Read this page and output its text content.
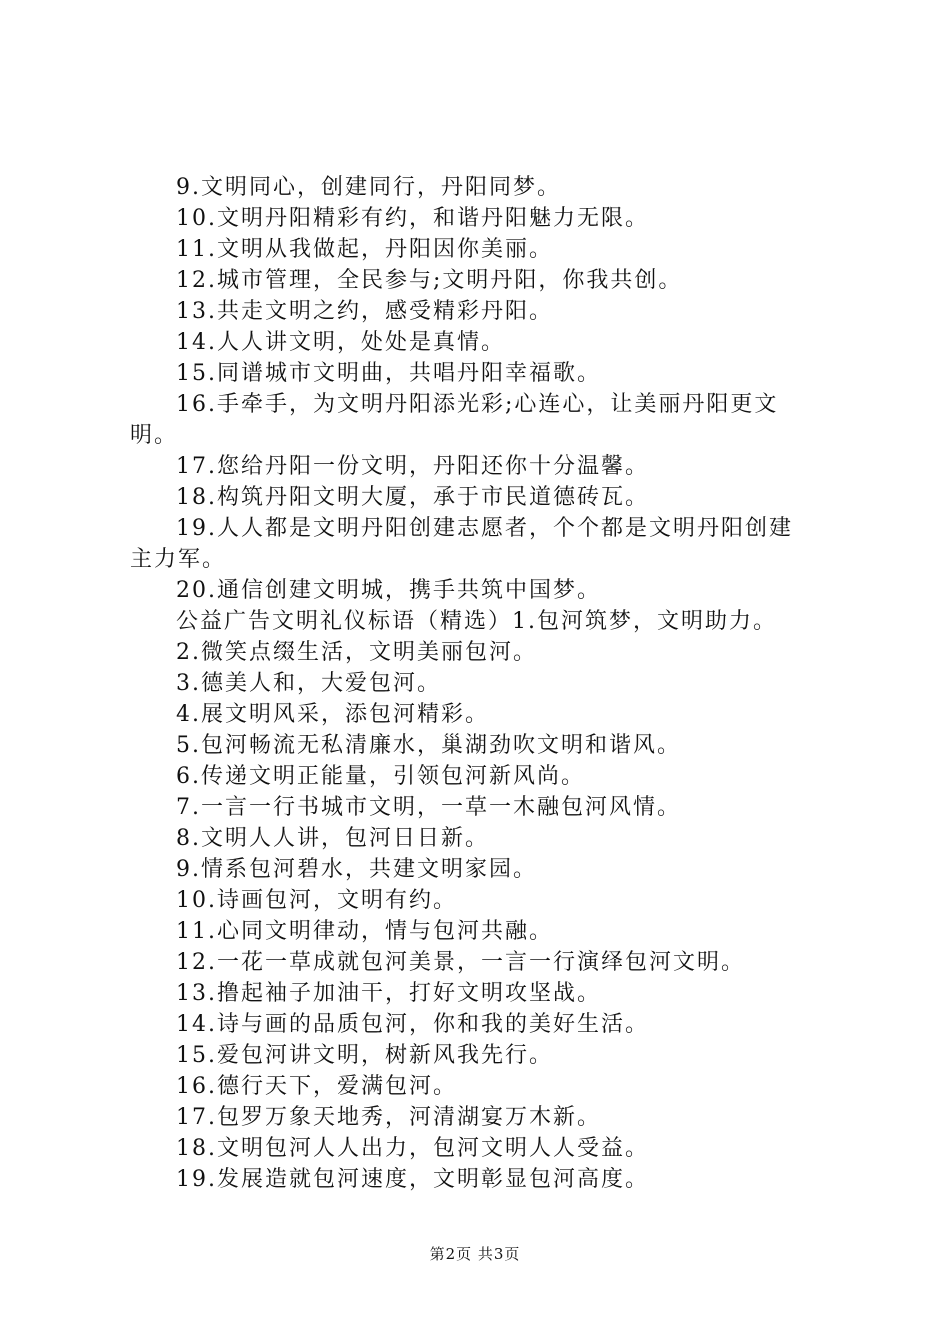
9.文明同心，创建同行，丹阳同梦。
10.文明丹阳精彩有约，和谐丹阳魅力无限。
11.文明从我做起，丹阳因你美丽。
12.城市管理，全民参与;文明丹阳，你我共创。
13.共走文明之约，感受精彩丹阳。
14.人人讲文明，处处是真情。
15.同谱城市文明曲，共唱丹阳幸福歌。
16.手牵手，为文明丹阳添光彩;心连心，让美丽丹阳更文
明。
17.您给丹阳一份文明，丹阳还你十分温馨。
18.构筑丹阳文明大厦，承于市民道德砖瓦。
19.人人都是文明丹阳创建志愿者，个个都是文明丹阳创建
主力军。
20.通信创建文明城，携手共筑中国梦。
公益广告文明礼仪标语（精选）1.包河筑梦，文明助力。
2.微笑点缀生活，文明美丽包河。
3.德美人和，大爱包河。
4.展文明风采，添包河精彩。
5.包河畅流无私清廉水，巢湖劲吹文明和谐风。
6.传递文明正能量，引领包河新风尚。
7.一言一行书城市文明，一草一木融包河风情。
8.文明人人讲，包河日日新。
9.情系包河碧水，共建文明家园。
10.诗画包河，文明有约。
11.心同文明律动，情与包河共融。
12.一花一草成就包河美景，一言一行演绎包河文明。
13.撸起袖子加油干，打好文明攻坚战。
14.诗与画的品质包河，你和我的美好生活。
15.爱包河讲文明，树新风我先行。
16.德行天下，爱满包河。
17.包罗万象天地秀，河清湖宴万木新。
18.文明包河人人出力，包河文明人人受益。
19.发展造就包河速度，文明彰显包河高度。
第2页 共3页
